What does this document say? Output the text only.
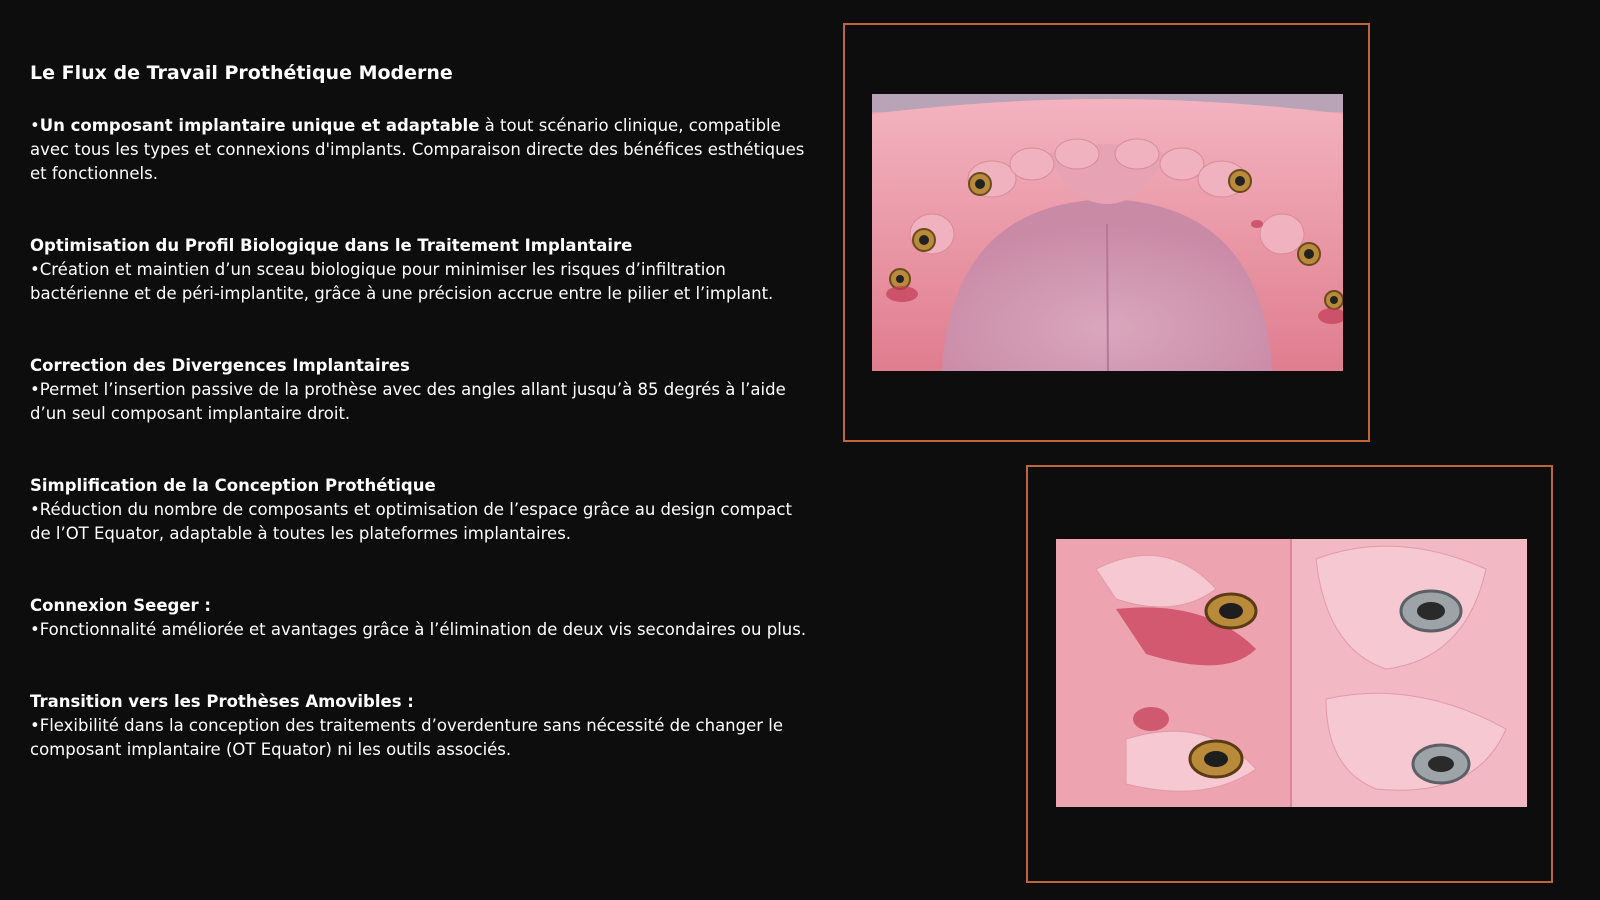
Le Flux de Travail Prothétique Moderne

•Un composant implantaire unique et adaptable à tout scénario clinique, compatible avec tous les types et connexions d'implants. Comparaison directe des bénéfices esthétiques et fonctionnels.

Optimisation du Profil Biologique dans le Traitement Implantaire
•Création et maintien d’un sceau biologique pour minimiser les risques d’infiltration bactérienne et de péri-implantite, grâce à une précision accrue entre le pilier et l’implant.

Correction des Divergences Implantaires
•Permet l’insertion passive de la prothèse avec des angles allant jusqu’à 85 degrés à l’aide d’un seul composant implantaire droit.

Simplification de la Conception Prothétique
•Réduction du nombre de composants et optimisation de l’espace grâce au design compact de l’OT Equator, adaptable à toutes les plateformes implantaires.

Connexion Seeger :
•Fonctionnalité améliorée et avantages grâce à l’élimination de deux vis secondaires ou plus.

Transition vers les Prothèses Amovibles :
•Flexibilité dans la conception des traitements d’overdenture sans nécessité de changer le composant implantaire (OT Equator) ni les outils associés.
